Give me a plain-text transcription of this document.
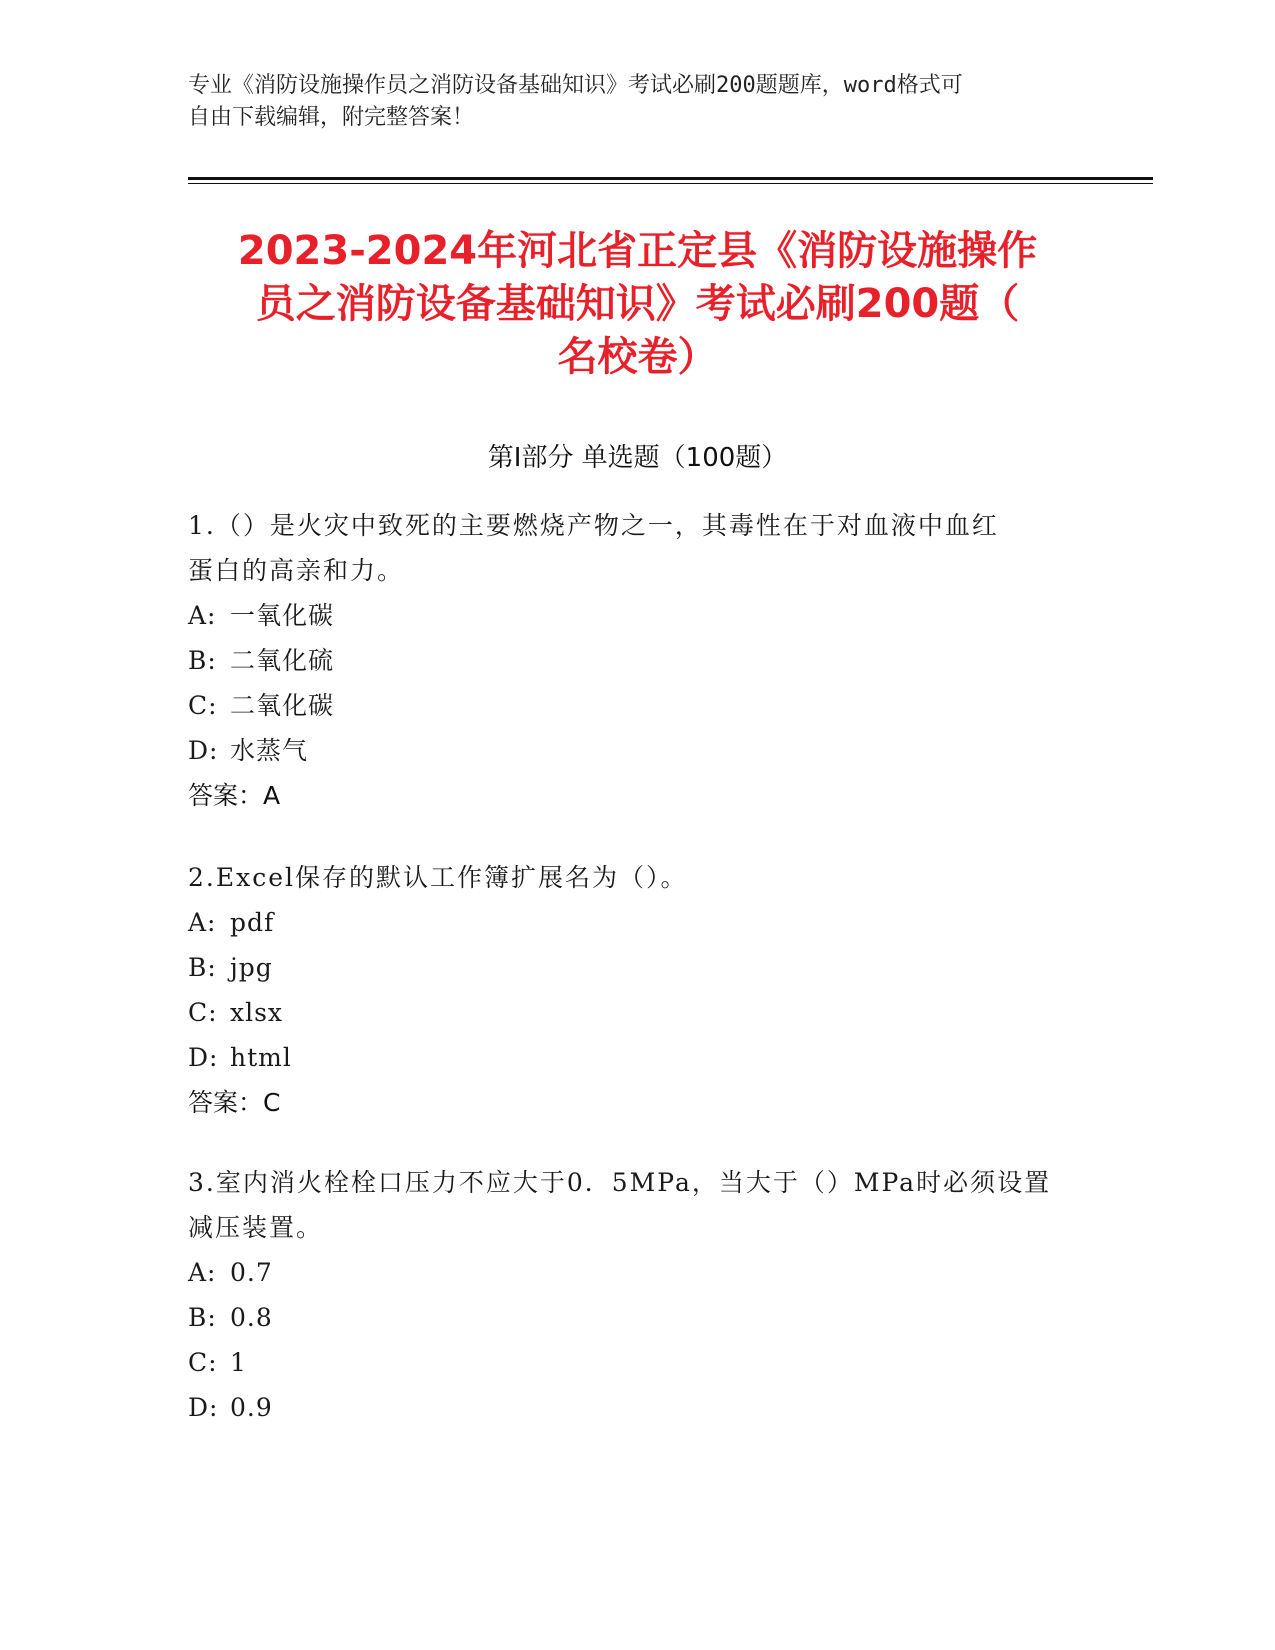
专业《消防设施操作员之消防设备基础知识》考试必刷200题题库，word格式可
自由下载编辑，附完整答案！
2023-2024年河北省正定县《消防设施操作
员之消防设备基础知识》考试必刷200题（
名校卷）
第Ⅰ部分 单选题（100题）
1.（）是火灾中致死的主要燃烧产物之一，其毒性在于对血液中血红
蛋白的高亲和力。
A: 一氧化碳
B: 二氧化硫
C: 二氧化碳
D: 水蒸气
答案：A
2.Excel保存的默认工作簿扩展名为（）。
A: pdf
B: jpg
C: xlsx
D: html
答案：C
3.室内消火栓栓口压力不应大于0．5MPa，当大于（）MPa时必须设置
减压装置。
A: 0.7
B: 0.8
C: 1
D: 0.9
